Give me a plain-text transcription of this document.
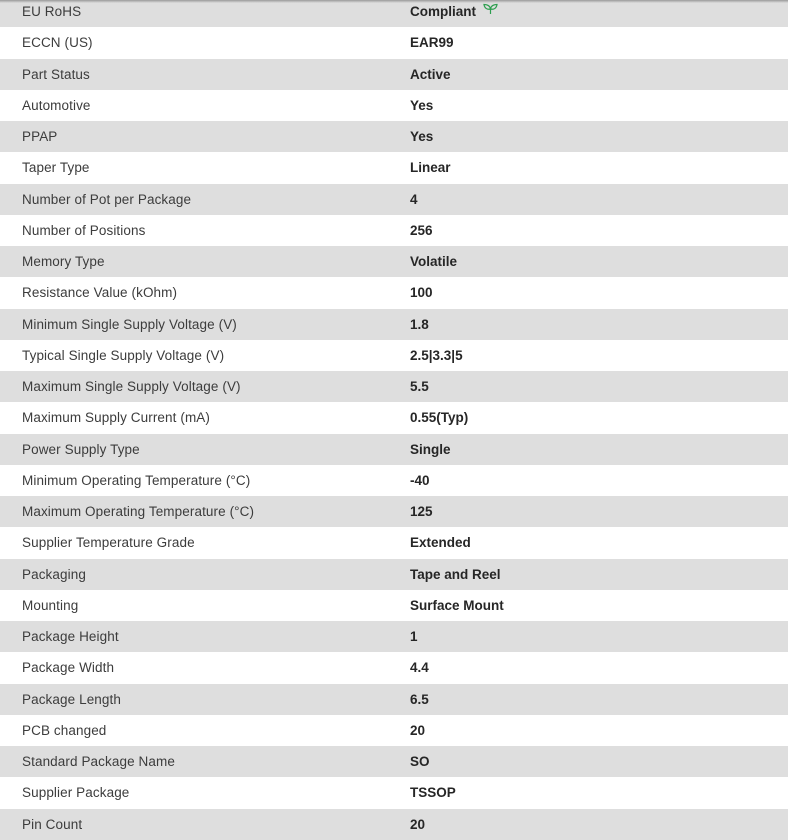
EU RoHS	Compliant
ECCN (US)	EAR99
Part Status	Active
Automotive	Yes
PPAP	Yes
Taper Type	Linear
Number of Pot per Package	4
Number of Positions	256
Memory Type	Volatile
Resistance Value (kOhm)	100
Minimum Single Supply Voltage (V)	1.8
Typical Single Supply Voltage (V)	2.5|3.3|5
Maximum Single Supply Voltage (V)	5.5
Maximum Supply Current (mA)	0.55(Typ)
Power Supply Type	Single
Minimum Operating Temperature (°C)	-40
Maximum Operating Temperature (°C)	125
Supplier Temperature Grade	Extended
Packaging	Tape and Reel
Mounting	Surface Mount
Package Height	1
Package Width	4.4
Package Length	6.5
PCB changed	20
Standard Package Name	SO
Supplier Package	TSSOP
Pin Count	20
